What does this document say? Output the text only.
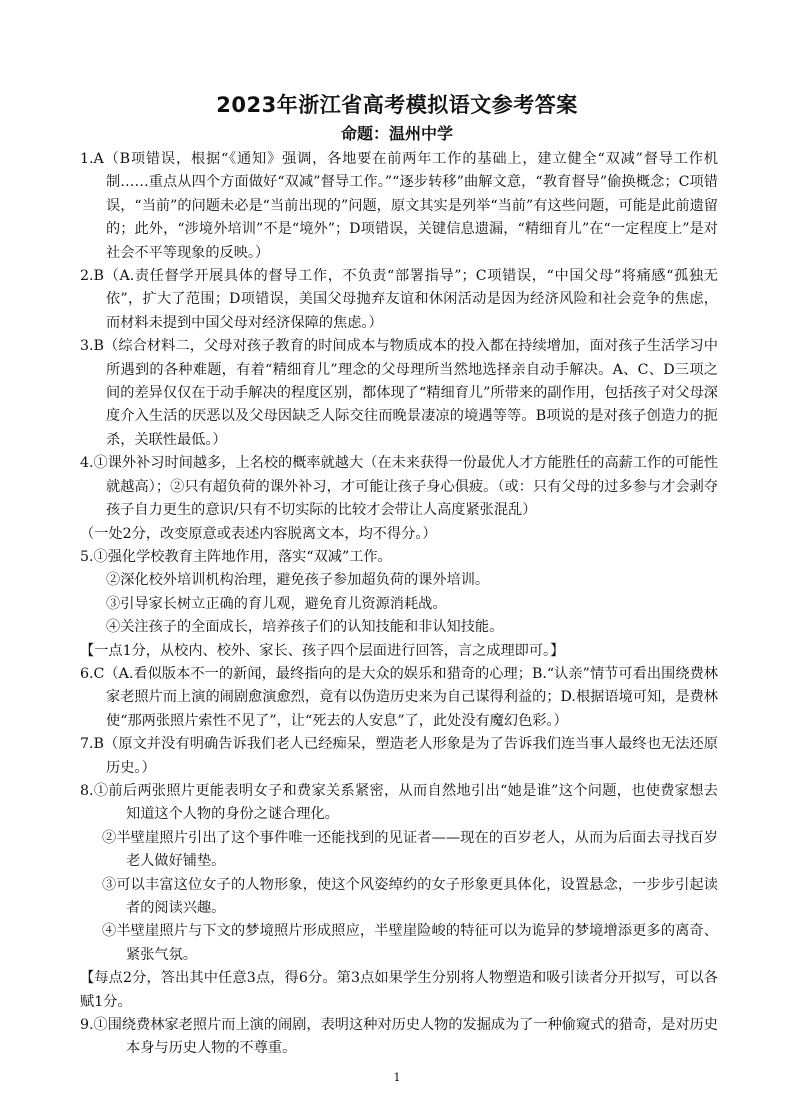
2023年浙江省高考模拟语文参考答案
命题：温州中学

1.A（B项错误，根据“《通知》强调，各地要在前两年工作的基础上，建立健全“双减”督导工作机制……重点从四个方面做好“双减”督导工作。”“逐步转移”曲解文意，“教育督导”偷换概念；C项错误，“当前”的问题未必是“当前出现的”问题，原文其实是列举“当前”有这些问题，可能是此前遗留的；此外，“涉境外培训”不是“境外”；D项错误，关键信息遗漏，“精细育儿”在“一定程度上”是对社会不平等现象的反映。）

2.B（A.责任督学开展具体的督导工作，不负责“部署指导”；C项错误，“中国父母”将痛感“孤独无依”，扩大了范围；D项错误，美国父母抛弃友谊和休闲活动是因为经济风险和社会竞争的焦虑，而材料未提到中国父母对经济保障的焦虑。）

3.B（综合材料二，父母对孩子教育的时间成本与物质成本的投入都在持续增加，面对孩子生活学习中所遇到的各种难题，有着“精细育儿”理念的父母理所当然地选择亲自动手解决。A、C、D三项之间的差异仅仅在于动手解决的程度区别，都体现了“精细育儿”所带来的副作用，包括孩子对父母深度介入生活的厌恶以及父母因缺乏人际交往而晚景凄凉的境遇等等。B项说的是对孩子创造力的扼杀，关联性最低。）

4.①课外补习时间越多，上名校的概率就越大（在未来获得一份最优人才方能胜任的高薪工作的可能性就越高）；②只有超负荷的课外补习，才可能让孩子身心俱疲。（或：只有父母的过多参与才会剥夺孩子自力更生的意识/只有不切实际的比较才会带让人高度紧张混乱）

（一处2分，改变原意或表述内容脱离文本，均不得分。）

5.①强化学校教育主阵地作用，落实“双减”工作。

②深化校外培训机构治理，避免孩子参加超负荷的课外培训。

③引导家长树立正确的育儿观，避免育儿资源消耗战。

④关注孩子的全面成长，培养孩子们的认知技能和非认知技能。

【一点1分，从校内、校外、家长、孩子四个层面进行回答，言之成理即可。】

6.C（A.看似版本不一的新闻，最终指向的是大众的娱乐和猎奇的心理；B.“认亲”情节可看出围绕费林家老照片而上演的闹剧愈演愈烈，竟有以伪造历史来为自己谋得利益的；D.根据语境可知，是费林使“那两张照片索性不见了”，让“死去的人安息”了，此处没有魔幻色彩。）

7.B（原文并没有明确告诉我们老人已经痴呆，塑造老人形象是为了告诉我们连当事人最终也无法还原历史。）

8.①前后两张照片更能表明女子和费家关系紧密，从而自然地引出“她是谁”这个问题，也使费家想去知道这个人物的身份之谜合理化。

②半壁崖照片引出了这个事件唯一还能找到的见证者——现在的百岁老人，从而为后面去寻找百岁老人做好铺垫。

③可以丰富这位女子的人物形象，使这个风姿绰约的女子形象更具体化，设置悬念，一步步引起读者的阅读兴趣。

④半壁崖照片与下文的梦境照片形成照应，半壁崖险峻的特征可以为诡异的梦境增添更多的离奇、紧张气氛。

【每点2分，答出其中任意3点，得6分。第3点如果学生分别将人物塑造和吸引读者分开拟写，可以各赋1分。

9.①围绕费林家老照片而上演的闹剧，表明这种对历史人物的发掘成为了一种偷窥式的猎奇，是对历史本身与历史人物的不尊重。

1
